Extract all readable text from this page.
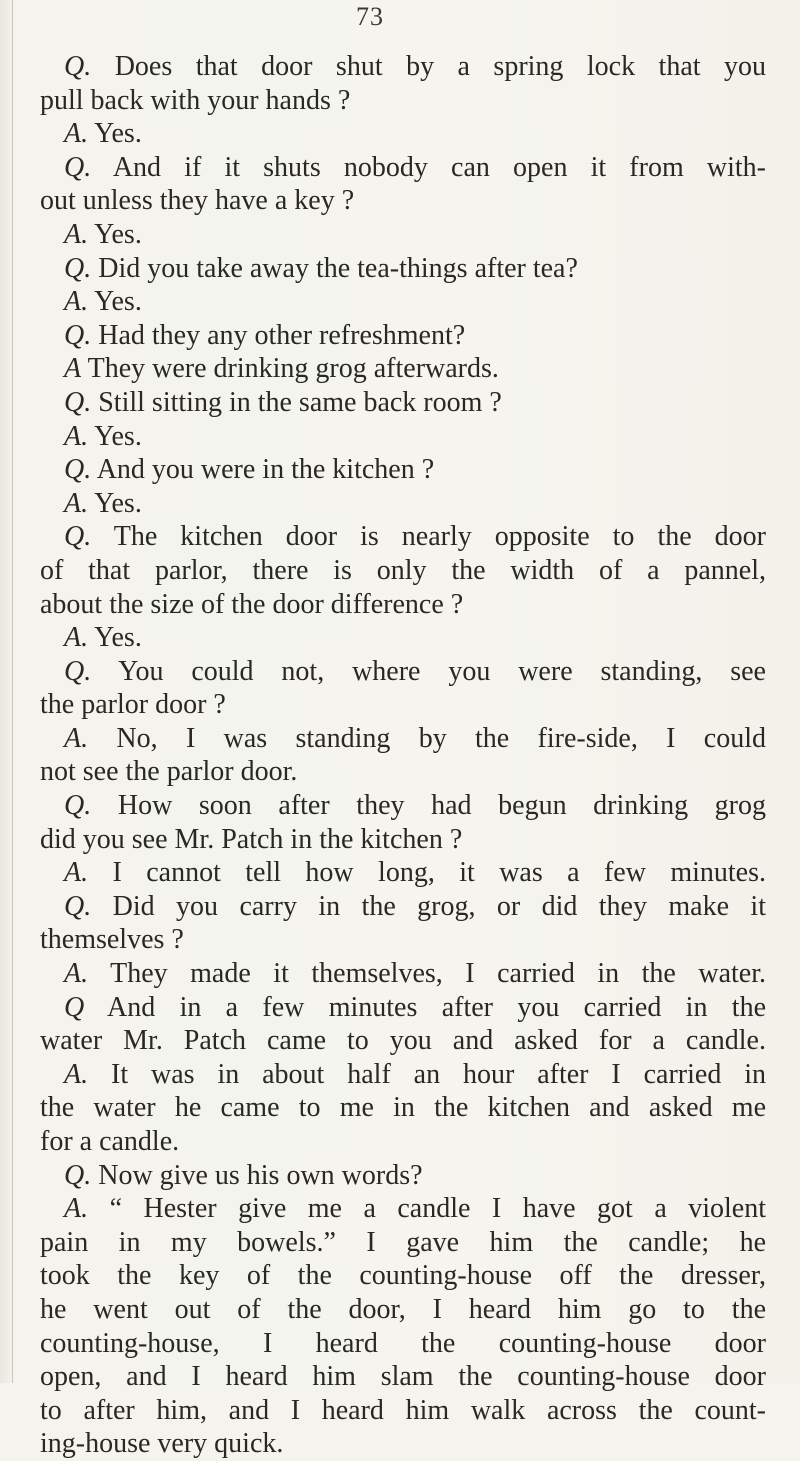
73
Q. Does that door shut by a spring lock that you
pull back with your hands ?
A. Yes.
Q. And if it shuts nobody can open it from with-
out unless they have a key ?
A. Yes.
Q. Did you take away the tea-things after tea?
A. Yes.
Q. Had they any other refreshment?
A They were drinking grog afterwards.
Q. Still sitting in the same back room ?
A. Yes.
Q. And you were in the kitchen ?
A. Yes.
Q. The kitchen door is nearly opposite to the door
of that parlor, there is only the width of a pannel,
about the size of the door difference ?
A. Yes.
Q. You could not, where you were standing, see
the parlor door ?
A. No, I was standing by the fire-side, I could
not see the parlor door.
Q. How soon after they had begun drinking grog
did you see Mr. Patch in the kitchen ?
A. I cannot tell how long, it was a few minutes.
Q. Did you carry in the grog, or did they make it
themselves ?
A. They made it themselves, I carried in the water.
Q And in a few minutes after you carried in the
water Mr. Patch came to you and asked for a candle.
A. It was in about half an hour after I carried in
the water he came to me in the kitchen and asked me
for a candle.
Q. Now give us his own words?
A. “ Hester give me a candle I have got a violent
pain in my bowels.” I gave him the candle; he
took the key of the counting-house off the dresser,
he went out of the door, I heard him go to the
counting-house, I heard the counting-house door
open, and I heard him slam the counting-house door
to after him, and I heard him walk across the count-
ing-house very quick.
